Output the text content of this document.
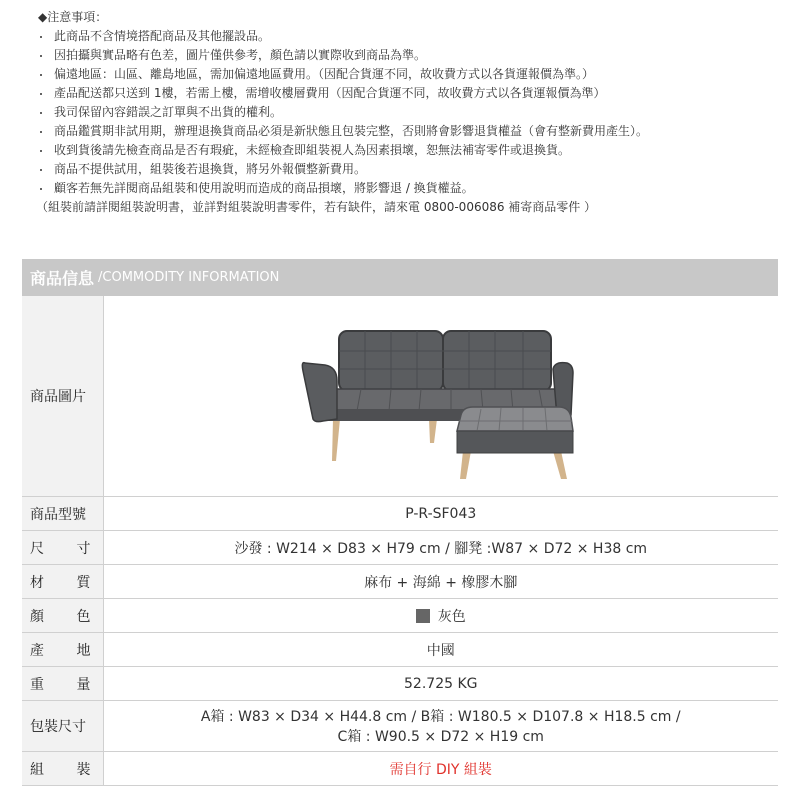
◆注意事項：
此商品不含情境搭配商品及其他擺設品。
因拍攝與實品略有色差，圖片僅供參考，顏色請以實際收到商品為準。
偏遠地區：山區、離島地區，需加偏遠地區費用。（因配合貨運不同，故收費方式以各貨運報價為準。）
產品配送都只送到 1樓，若需上樓，需增收樓層費用（因配合貨運不同，故收費方式以各貨運報價為準）
我司保留內容錯誤之訂單與不出貨的權利。
商品鑑賞期非試用期，辦理退換貨商品必須是新狀態且包裝完整，否則將會影響退貨權益（會有整新費用產生）。
收到貨後請先檢查商品是否有瑕疵，未經檢查即組裝視人為因素損壞，恕無法補寄零件或退換貨。
商品不提供試用，組裝後若退換貨，將另外報價整新費用。
顧客若無先詳閱商品組裝和使用說明而造成的商品損壞，將影響退 / 換貨權益。
（組裝前請詳閱組裝說明書，並詳對組裝說明書零件，若有缺件，請來電 0800-006086 補寄商品零件 ）
商品信息 /COMMODITY INFORMATION
商品圖片	

商品型號	P-R-SF043

尺 寸	沙發 : W214 × D83 × H79 cm / 腳凳 :W87 × D72 × H38 cm

材 質	麻布 + 海綿 + 橡膠木腳

顏 色	灰色

產 地	中國

重 量	52.725 KG
包裝尺寸	A箱 : W83 × D34 × H44.8 cm / B箱 : W180.5 × D107.8 × H18.5 cm /
C箱 : W90.5 × D72 × H19 cm

組 裝	需自行 DIY 組裝
